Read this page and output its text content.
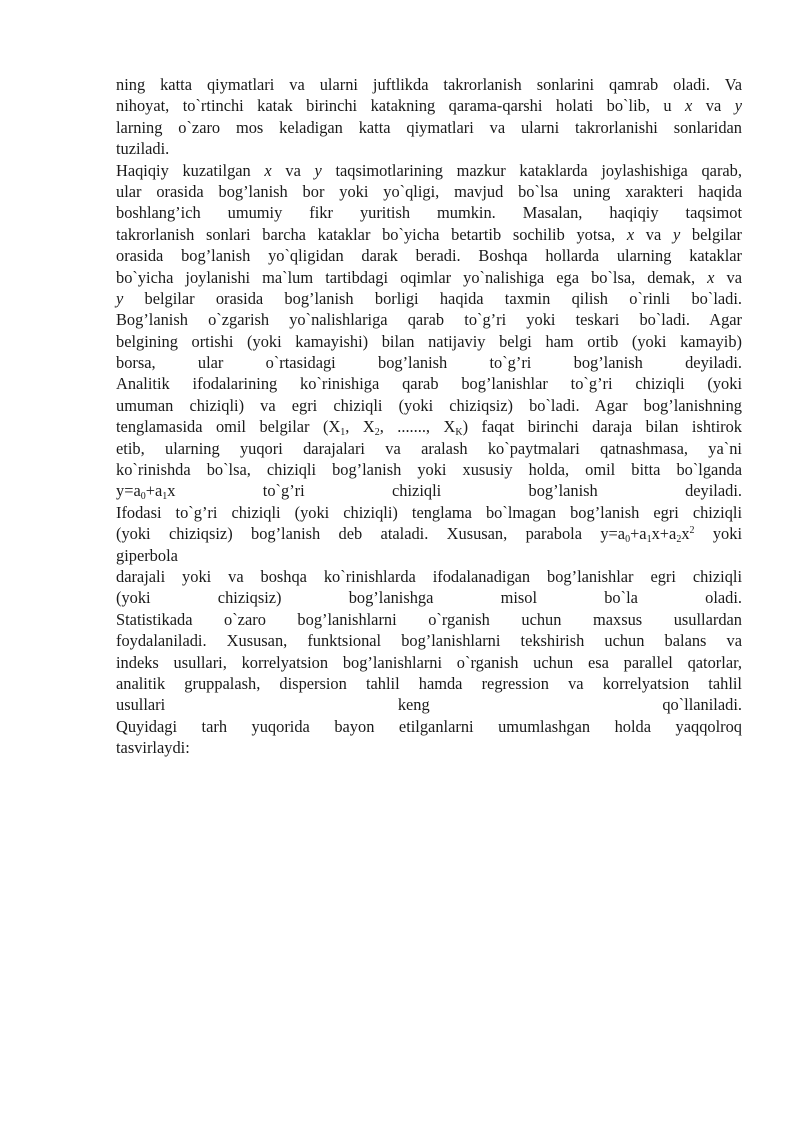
ning katta qiymatlari va ularni juftlikda takrorlanish sonlarini qamrab oladi. Va
nihoyat, to`rtinchi katak birinchi katakning qarama-qarshi holati bo`lib, u x va y
larning o`zaro mos keladigan katta qiymatlari va ularni takrorlanishi sonlaridan
tuziladi.
Haqiqiy kuzatilgan x va y taqsimotlarining mazkur kataklarda joylashishiga qarab,
ular orasida bog’lanish bor yoki yo`qligi, mavjud bo`lsa uning xarakteri haqida
boshlang’ich umumiy fikr yuritish mumkin. Masalan, haqiqiy taqsimot
takrorlanish sonlari barcha kataklar bo`yicha betartib sochilib yotsa, x va y belgilar
orasida bog’lanish yo`qligidan darak beradi. Boshqa hollarda ularning kataklar
bo`yicha joylanishi ma`lum tartibdagi oqimlar yo`nalishiga ega bo`lsa, demak, x va
y belgilar orasida bog’lanish borligi haqida taxmin qilish o`rinli bo`ladi.
Bog’lanish o`zgarish yo`nalishlariga qarab to`g’ri yoki teskari bo`ladi. Agar
belgining ortishi (yoki kamayishi) bilan natijaviy belgi ham ortib (yoki kamayib)
borsa, ular o`rtasidagi bog’lanish to`g’ri bog’lanish deyiladi.
Analitik ifodalarining ko`rinishiga qarab bog’lanishlar to`g’ri chiziqli (yoki
umuman chiziqli) va egri chiziqli (yoki chiziqsiz) bo`ladi. Agar bog’lanishning
tenglamasida omil belgilar ($X_1$, $X_2$, ......., $X_K$) faqat birinchi daraja bilan ishtirok
etib, ularning yuqori darajalari va aralash ko`paytmalari qatnashmasa, ya`ni
ko`rinishda bo`lsa, chiziqli bog’lanish yoki xususiy holda, omil bitta bo`lganda
$y=a_0+a_1x$ to`g’ri chiziqli bog’lanish deyiladi.
Ifodasi to`g’ri chiziqli (yoki chiziqli) tenglama bo`lmagan bog’lanish egri chiziqli
(yoki chiziqsiz) bog’lanish deb ataladi. Xususan, parabola $y=a_0+a_1x+a_2x^2$ yoki
giperbola
darajali yoki va boshqa ko`rinishlarda ifodalanadigan bog’lanishlar egri chiziqli
(yoki chiziqsiz) bog’lanishga misol bo`la oladi.
Statistikada o`zaro bog’lanishlarni o`rganish uchun maxsus usullardan
foydalaniladi. Xususan, funktsional bog’lanishlarni tekshirish uchun balans va
indeks usullari, korrelyatsion bog’lanishlarni o`rganish uchun esa parallel qatorlar,
analitik gruppalash, dispersion tahlil hamda regression va korrelyatsion tahlil
usullari keng qo`llaniladi.
Quyidagi tarh yuqorida bayon etilganlarni umumlashgan holda yaqqolroq
tasvirlaydi:
